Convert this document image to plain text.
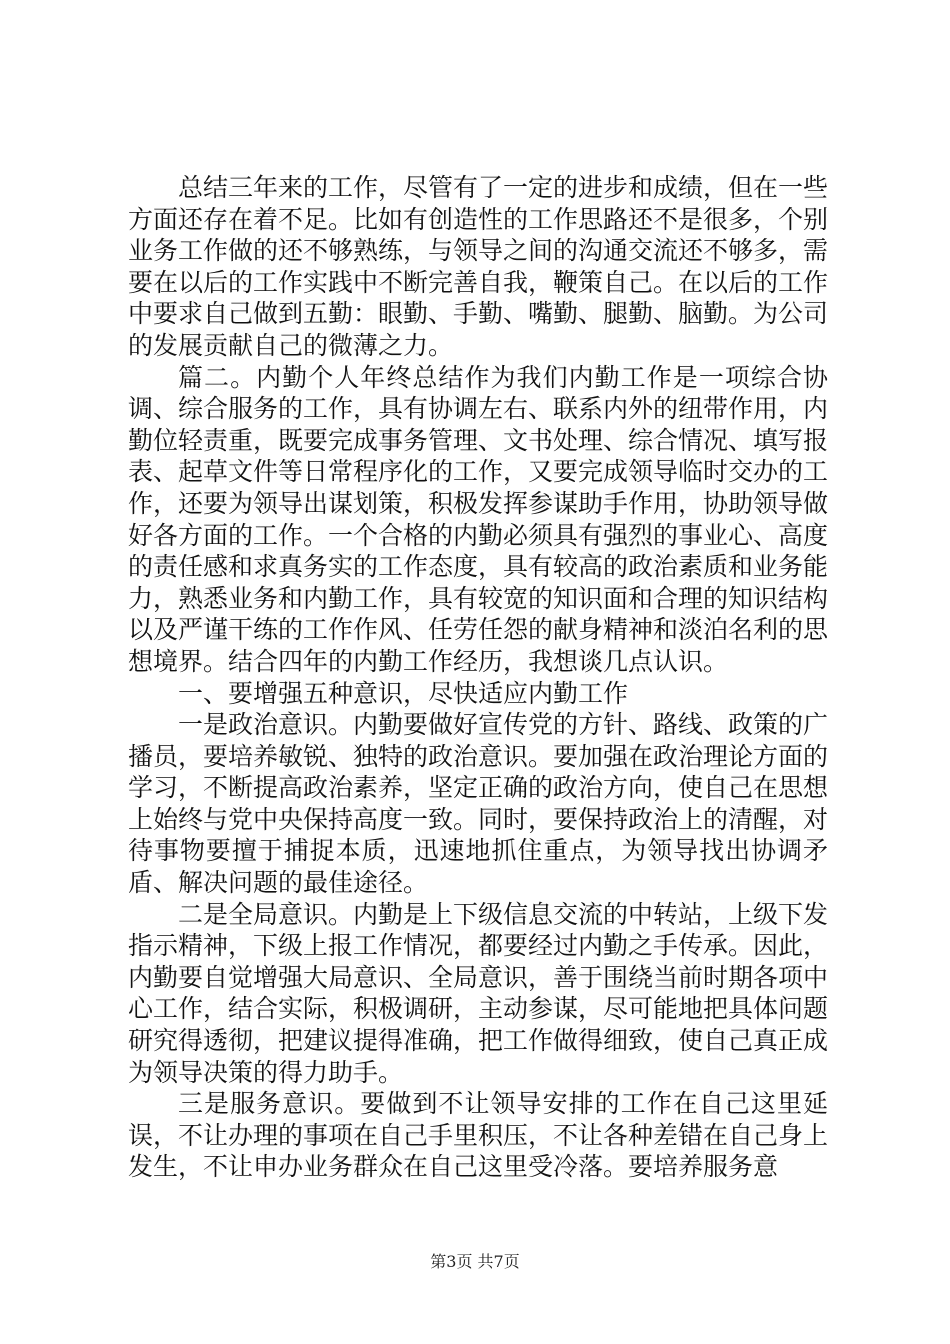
总结三年来的工作，尽管有了一定的进步和成绩，但在一些方面还存在着不足。比如有创造性的工作思路还不是很多，个别业务工作做的还不够熟练，与领导之间的沟通交流还不够多，需要在以后的工作实践中不断完善自我，鞭策自己。在以后的工作中要求自己做到五勤：眼勤、手勤、嘴勤、腿勤、脑勤。为公司的发展贡献自己的微薄之力。

篇二。内勤个人年终总结作为我们内勤工作是一项综合协调、综合服务的工作，具有协调左右、联系内外的纽带作用，内勤位轻责重，既要完成事务管理、文书处理、综合情况、填写报表、起草文件等日常程序化的工作，又要完成领导临时交办的工作，还要为领导出谋划策，积极发挥参谋助手作用，协助领导做好各方面的工作。一个合格的内勤必须具有强烈的事业心、高度的责任感和求真务实的工作态度，具有较高的政治素质和业务能力，熟悉业务和内勤工作，具有较宽的知识面和合理的知识结构以及严谨干练的工作作风、任劳任怨的献身精神和淡泊名利的思想境界。结合四年的内勤工作经历，我想谈几点认识。

一、要增强五种意识，尽快适应内勤工作

一是政治意识。内勤要做好宣传党的方针、路线、政策的广播员，要培养敏锐、独特的政治意识。要加强在政治理论方面的学习，不断提高政治素养，坚定正确的政治方向，使自己在思想上始终与党中央保持高度一致。同时，要保持政治上的清醒，对待事物要擅于捕捉本质，迅速地抓住重点，为领导找出协调矛盾、解决问题的最佳途径。

二是全局意识。内勤是上下级信息交流的中转站，上级下发指示精神，下级上报工作情况，都要经过内勤之手传承。因此，内勤要自觉增强大局意识、全局意识，善于围绕当前时期各项中心工作，结合实际，积极调研，主动参谋，尽可能地把具体问题研究得透彻，把建议提得准确，把工作做得细致，使自己真正成为领导决策的得力助手。

三是服务意识。要做到不让领导安排的工作在自己这里延误，不让办理的事项在自己手里积压，不让各种差错在自己身上发生，不让申办业务群众在自己这里受冷落。要培养服务意

第3页 共7页
